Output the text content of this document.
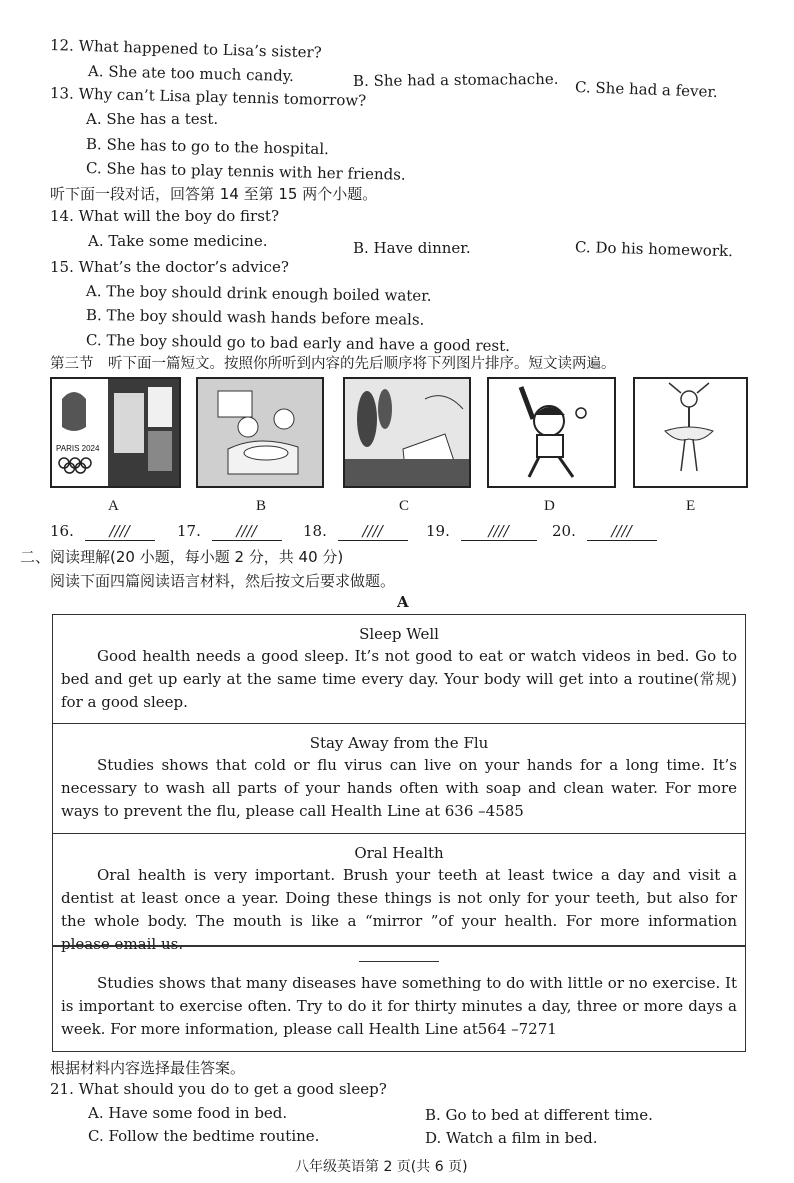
12. What happened to Lisa’s sister?
A. She ate too much candy.	B. She had a stomachache. C. She had a fever.
13. Why can’t Lisa play tennis tomorrow?
A. She has a test.
B. She has to go to the hospital.
C. She has to play tennis with her friends.
听下面一段对话，回答第 14 至第 15 两个小题。
14. What will the boy do first?
A. Take some medicine.	B. Have dinner.	C. Do his homework.
15. What’s the doctor’s advice?
A. The boy should drink enough boiled water.
B. The boy should wash hands before meals.
C. The boy should go to bad early and have a good rest.
第三节　听下面一篇短文。按照你所听到内容的先后顺序将下列图片排序。短文读两遍。
PARIS 2024
A	B	C	D	E
16. ////	17. ////	18. ////	19.	////	20. ////
二、阅读理解(20 小题，每小题 2 分，共 40 分)
阅读下面四篇阅读语言材料，然后按文后要求做题。
A
Sleep Well
Good health needs a good sleep. It’s not good to eat or watch videos in bed. Go to bed and get up early at the same time every day. Your body will get into a routine(常规) for a good sleep.
Stay Away from the Flu
Studies shows that cold or flu virus can live on your hands for a long time. It’s necessary to wash all parts of your hands often with soap and clean water. For more ways to prevent the flu, please call Health Line at 636 –4585
Oral Health
Oral health is very important. Brush your teeth at least twice a day and visit a dentist at least once a year. Doing these things is not only for your teeth, but also for the whole body. The mouth is like a “mirror ”of your health. For more information please email us.
Studies shows that many diseases have something to do with little or no exercise. It is important to exercise often. Try to do it for thirty minutes a day, three or more days a week. For more information, please call Health Line at564 –7271
根据材料内容选择最佳答案。
21. What should you do to get a good sleep?
A. Have some food in bed.	B. Go to bed at different time.
C. Follow the bedtime routine.	D. Watch a film in bed.
八年级英语第 2 页(共 6 页)
